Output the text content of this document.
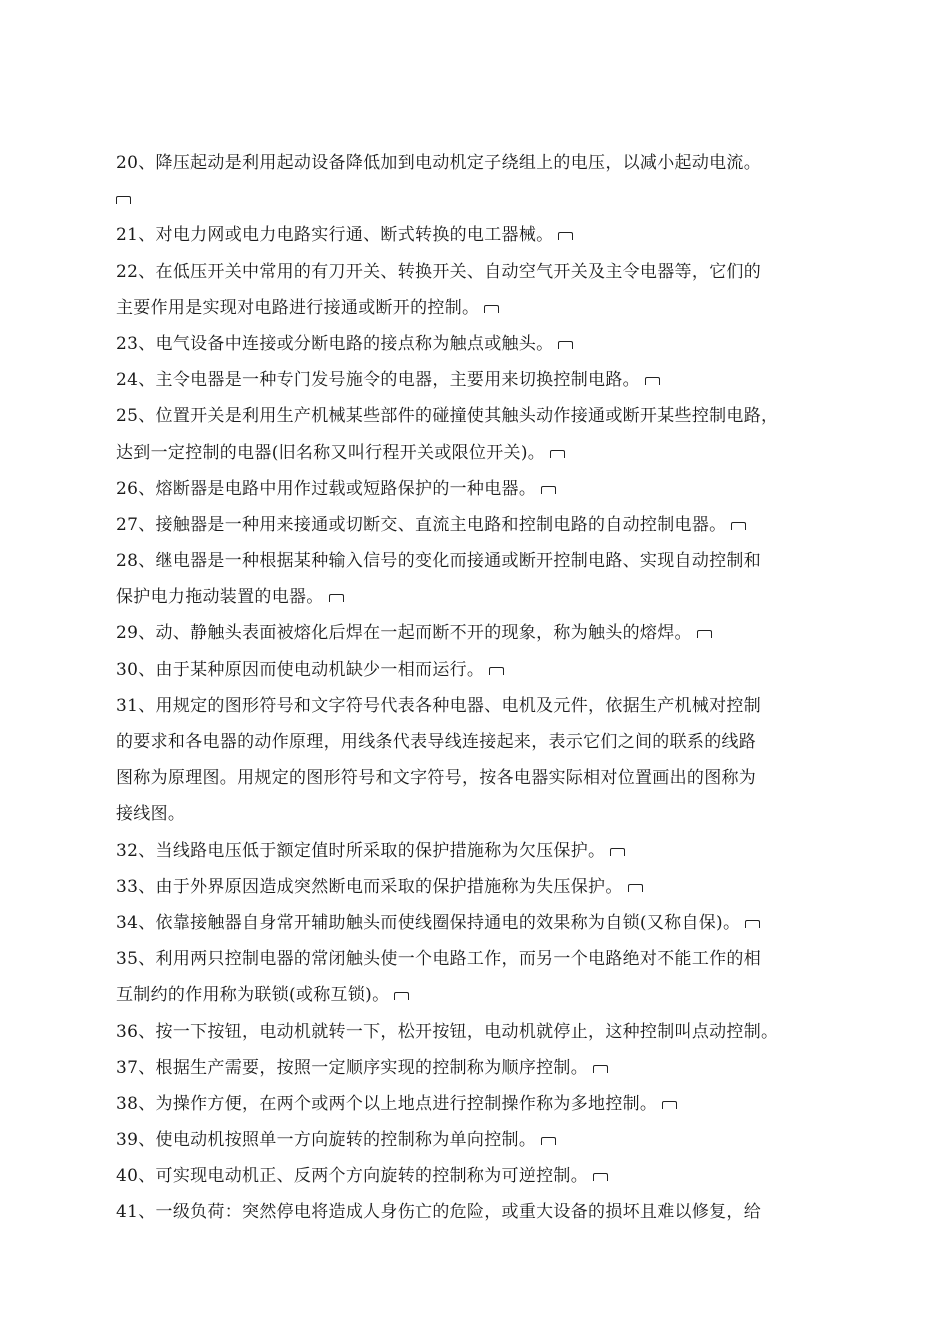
20、降压起动是利用起动设备降低加到电动机定子绕组上的电压，以减小起动电流。
21、对电力网或电力电路实行通、断式转换的电工器械。
22、在低压开关中常用的有刀开关、转换开关、自动空气开关及主令电器等，它们的
主要作用是实现对电路进行接通或断开的控制。
23、电气设备中连接或分断电路的接点称为触点或触头。
24、主令电器是一种专门发号施令的电器，主要用来切换控制电路。
25、位置开关是利用生产机械某些部件的碰撞使其触头动作接通或断开某些控制电路，
达到一定控制的电器(旧名称又叫行程开关或限位开关)。
26、熔断器是电路中用作过载或短路保护的一种电器。
27、接触器是一种用来接通或切断交、直流主电路和控制电路的自动控制电器。
28、继电器是一种根据某种输入信号的变化而接通或断开控制电路、实现自动控制和
保护电力拖动装置的电器。
29、动、静触头表面被熔化后焊在一起而断不开的现象，称为触头的熔焊。
30、由于某种原因而使电动机缺少一相而运行。
31、用规定的图形符号和文字符号代表各种电器、电机及元件，依据生产机械对控制
的要求和各电器的动作原理，用线条代表导线连接起来，表示它们之间的联系的线路
图称为原理图。用规定的图形符号和文字符号，按各电器实际相对位置画出的图称为
接线图。
32、当线路电压低于额定值时所采取的保护措施称为欠压保护。
33、由于外界原因造成突然断电而采取的保护措施称为失压保护。
34、依靠接触器自身常开辅助触头而使线圈保持通电的效果称为自锁(又称自保)。
35、利用两只控制电器的常闭触头使一个电路工作，而另一个电路绝对不能工作的相
互制约的作用称为联锁(或称互锁)。
36、按一下按钮，电动机就转一下，松开按钮，电动机就停止，这种控制叫点动控制。
37、根据生产需要，按照一定顺序实现的控制称为顺序控制。
38、为操作方便，在两个或两个以上地点进行控制操作称为多地控制。
39、使电动机按照单一方向旋转的控制称为单向控制。
40、可实现电动机正、反两个方向旋转的控制称为可逆控制。
41、一级负荷：突然停电将造成人身伤亡的危险，或重大设备的损坏且难以修复，给
